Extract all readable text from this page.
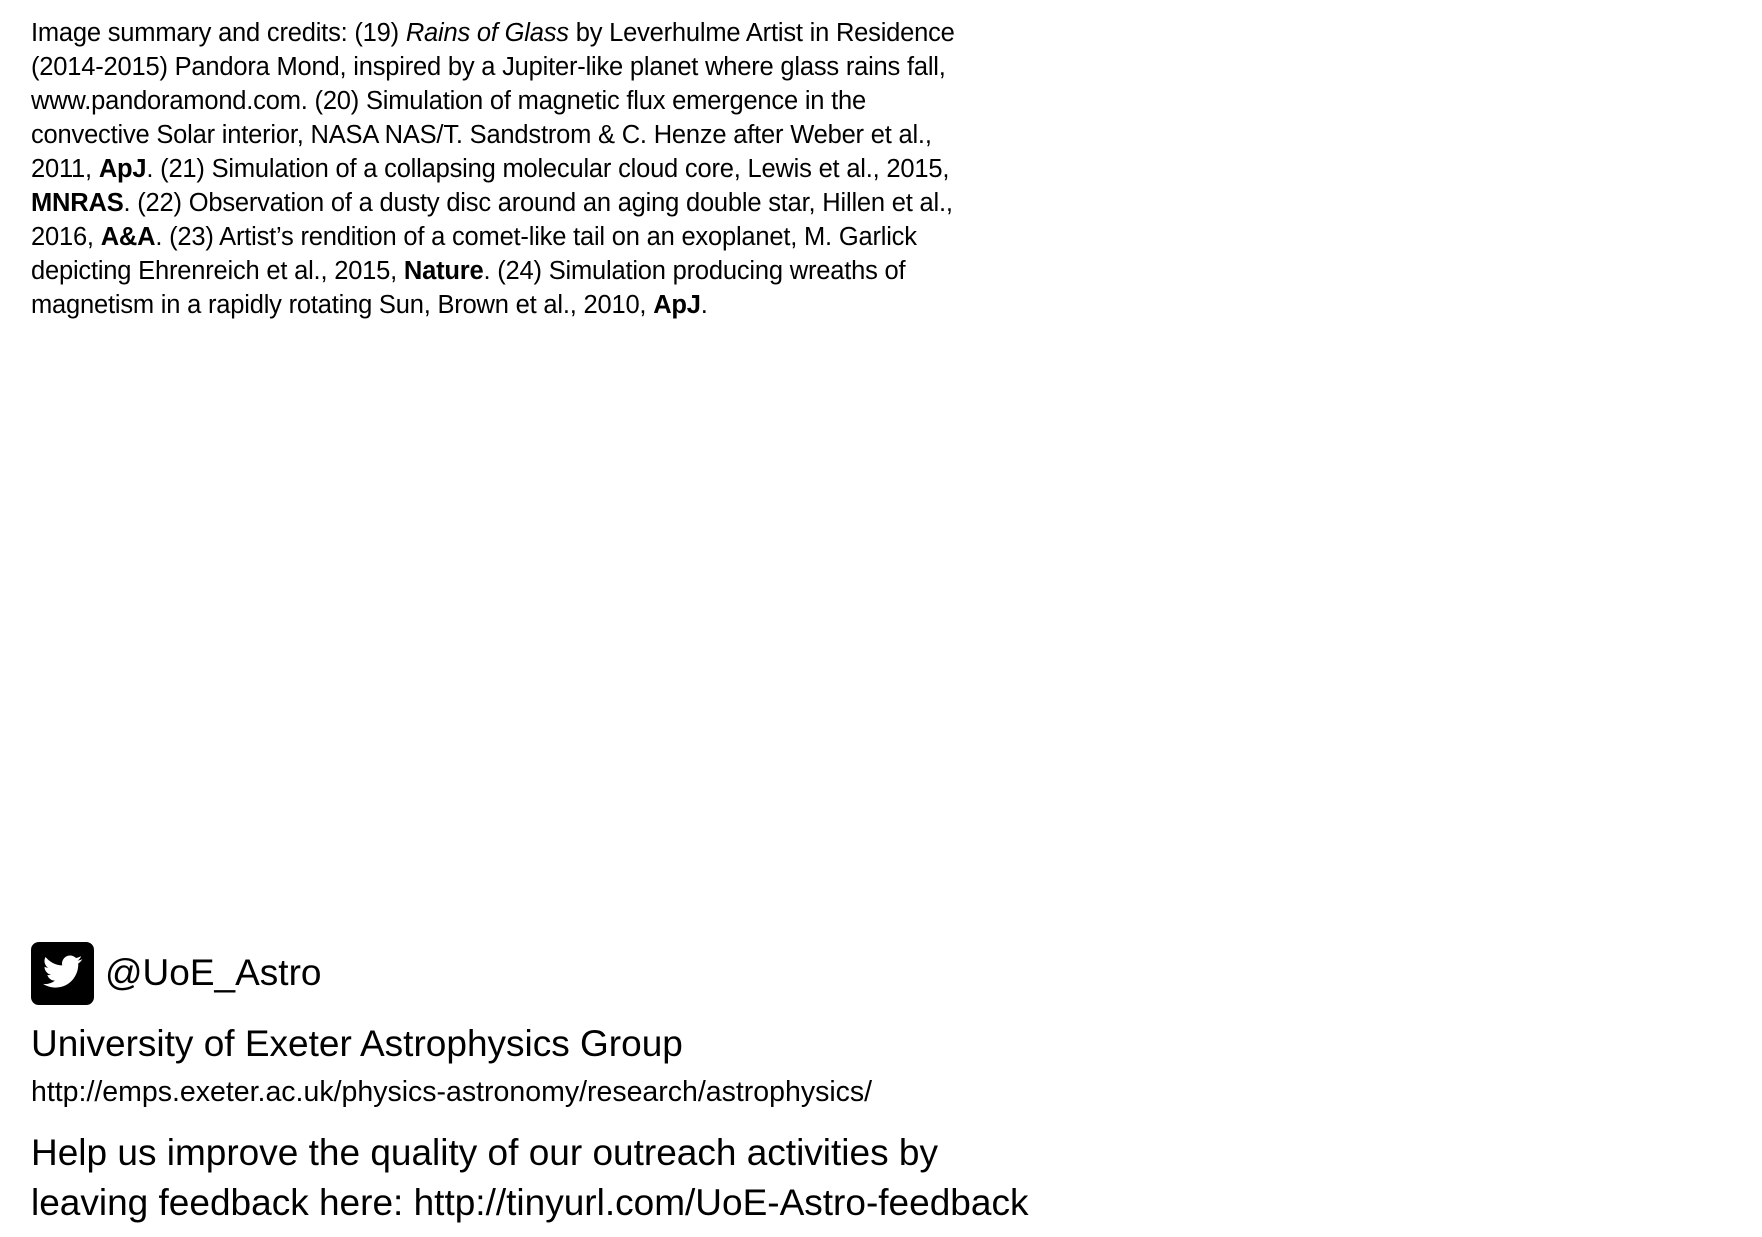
Image summary and credits: (19) Rains of Glass by Leverhulme Artist in Residence
(2014-2015) Pandora Mond, inspired by a Jupiter-like planet where glass rains fall,
www.pandoramond.com. (20) Simulation of magnetic flux emergence in the
convective Solar interior, NASA NAS/T. Sandstrom & C. Henze after Weber et al.,
2011, ApJ. (21) Simulation of a collapsing molecular cloud core, Lewis et al., 2015,
MNRAS. (22) Observation of a dusty disc around an aging double star, Hillen et al.,
2016, A&A. (23) Artist’s rendition of a comet-like tail on an exoplanet, M. Garlick
depicting Ehrenreich et al., 2015, Nature. (24) Simulation producing wreaths of
magnetism in a rapidly rotating Sun, Brown et al., 2010, ApJ.
@UoE_Astro
University of Exeter Astrophysics Group
http://emps.exeter.ac.uk/physics-astronomy/research/astrophysics/

Help us improve the quality of our outreach activities by
leaving feedback here: http://tinyurl.com/UoE-Astro-feedback
